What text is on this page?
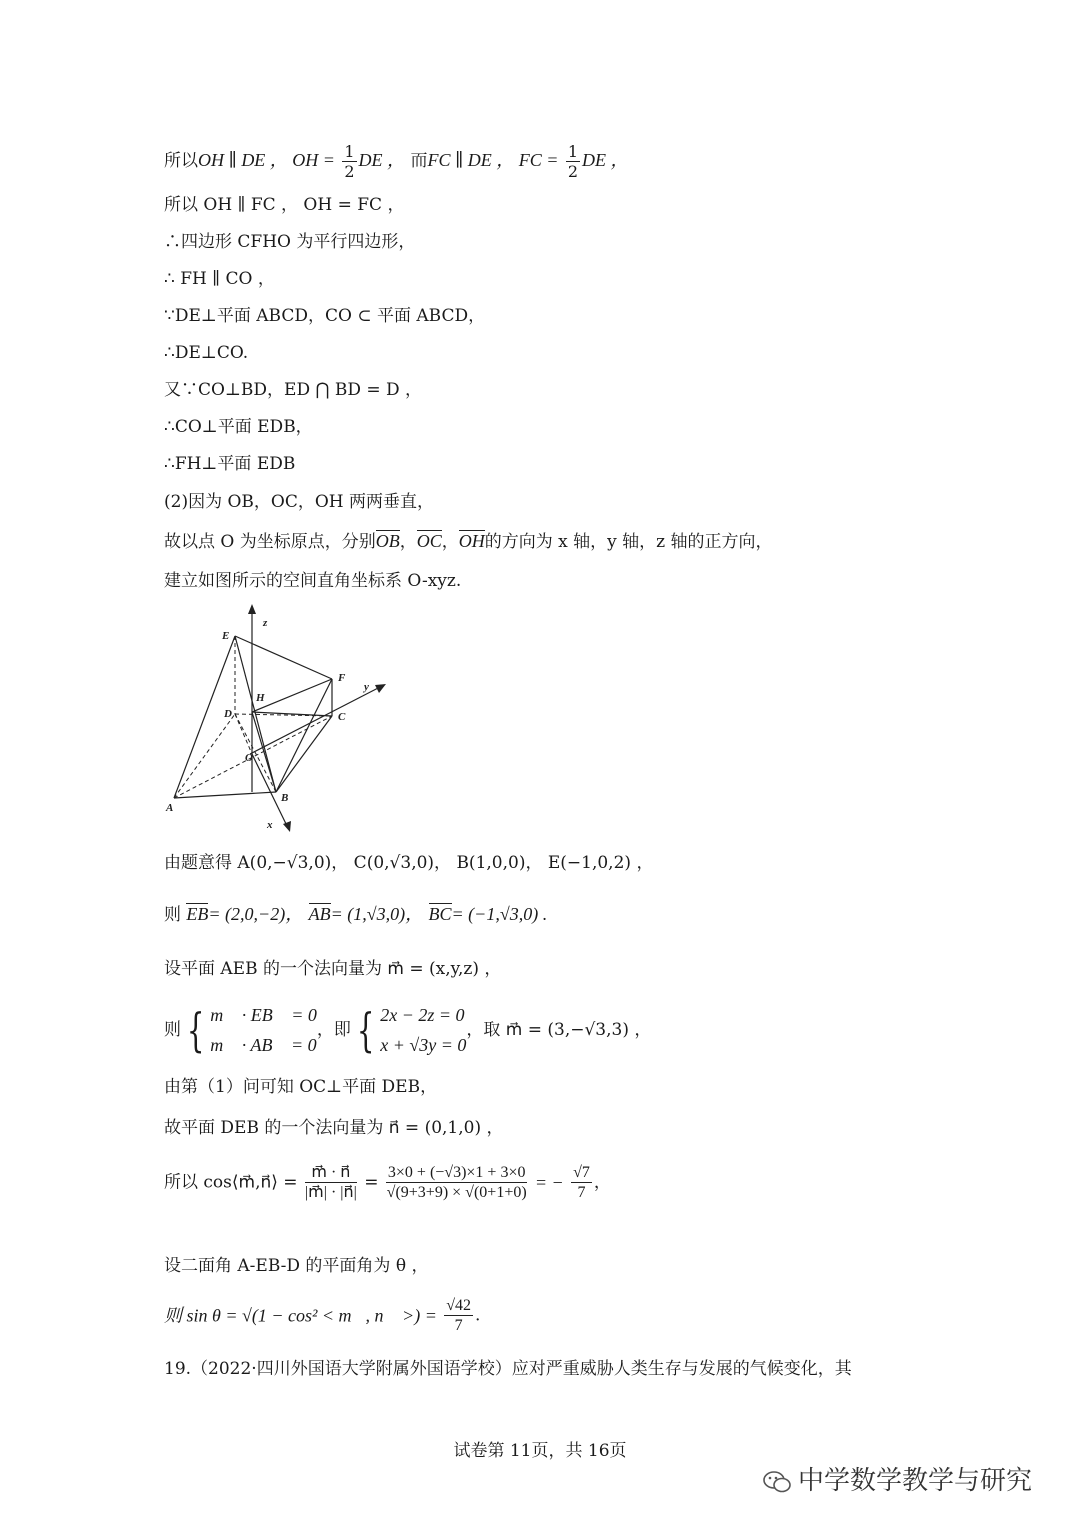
所以OH ∥ DE ， OH = $\frac{1}{2}$ DE ， 而FC ∥ DE ， FC = $\frac{1}{2}$ DE ，
所以 OH ∥ FC ， OH = FC ，
∴四边形 CFHO 为平行四边形，
∴ FH ∥ CO ，
∵DE⊥平面 ABCD，CO ⊂ 平面 ABCD，
∴DE⊥CO.
又∵CO⊥BD，ED ⋂ BD = D ，
∴CO⊥平面 EDB，
∴FH⊥平面 EDB
(2)因为 OB，OC，OH 两两垂直，
故以点 O 为坐标原点，分别OB，OC，OH的方向为 x 轴，y 轴，z 轴的正方向，
建立如图所示的空间直角坐标系 O-xyz.
E
z
F
y
H
D	C
O
A
B
x
由题意得 A(0,−√3,0)， C(0,√3,0)， B(1,0,0)， E(−1,0,2) ，
则 EB= (2,0,−2)， AB= (1,√3,0)， BC= (−1,√3,0) .
设平面 AEB 的一个法向量为 m⃗ = (x,y,z) ，
则 { m⃗ · EB⃗ = 0
m⃗ · AB⃗ = 0
，即 { 2x − 2z = 0
x + √3y = 0
，取 m⃗ = (3,−√3,3) ，
由第（1）问可知 OC⊥平面 DEB，
故平面 DEB 的一个法向量为 n⃗ = (0,1,0) ，
所以 cos⟨m⃗,n⃗⟩ = $\frac{m⃗ \cdot n⃗}{|m⃗| \cdot |n⃗|} = \frac{3\times 0 + (-√3)\times 1 + 3\times 0}{√(9+3+9) \times √(0+1+0)}$ = − $\frac{√7}{7}$ ，
设二面角 A-EB-D 的平面角为 θ ，
则 sin θ = √(1 − cos² < m⃗, n⃗ >) = $\frac{√42}{7}$ .
19.（2022·四川外国语大学附属外国语学校）应对严重威胁人类生存与发展的气候变化，其
试卷第 11页，共 16页
中学数学教学与研究
